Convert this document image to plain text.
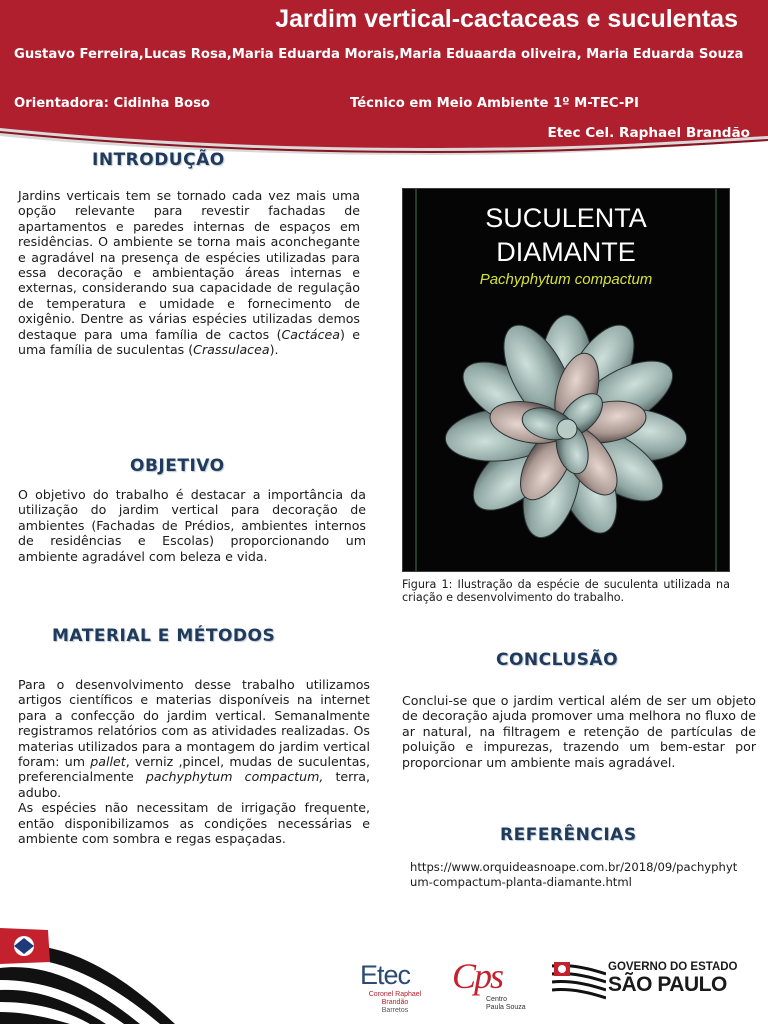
Jardim vertical-cactaceas e suculentas
Gustavo Ferreira,Lucas Rosa,Maria Eduarda Morais,Maria Eduaarda oliveira, Maria Eduarda Souza
Orientadora: Cidinha Boso	Técnico em Meio Ambiente 1º M-TEC-PI
Etec Cel. Raphael Brandão
INTRODUÇÃO
Jardins verticais tem se tornado cada vez mais uma opção relevante para revestir fachadas de apartamentos e paredes internas de espaços em residências. O ambiente se torna mais aconchegante e agradável na presença de espécies utilizadas para essa decoração e ambientação áreas internas e externas, considerando sua capacidade de regulação de temperatura e umidade e fornecimento de oxigênio. Dentre as várias espécies utilizadas demos destaque para uma família de cactos (Cactácea) e uma família de suculentas (Crassulacea).
OBJETIVO
O objetivo do trabalho é destacar a importância da utilização do jardim vertical para decoração de ambientes (Fachadas de Prédios, ambientes internos de residências e Escolas) proporcionando um ambiente agradável com beleza e vida.
MATERIAL E MÉTODOS
Para o desenvolvimento desse trabalho utilizamos artigos científicos e materias disponíveis na internet para a confecção do jardim vertical. Semanalmente registramos relatórios com as atividades realizadas. Os materias utilizados para a montagem do jardim vertical foram: um pallet, verniz ,pincel, mudas de suculentas, preferencialmente pachyphytum compactum, terra, adubo.
As espécies não necessitam de irrigação frequente, então disponibilizamos as condições necessárias e ambiente com sombra e regas espaçadas.
SUCULENTA
DIAMANTE
Pachyphytum compactum
Figura 1: Ilustração da espécie de suculenta utilizada na criação e desenvolvimento do trabalho.
CONCLUSÃO
Conclui-se que o jardim vertical além de ser um objeto de decoração ajuda promover uma melhora no fluxo de ar natural, na filtragem e retenção de partículas de poluição e impurezas, trazendo um bem-estar por proporcionar um ambiente mais agradável.
REFERÊNCIAS
https://www.orquideasnoape.com.br/2018/09/pachyphytum-compactum-planta-diamante.html
Etec
Coronel Raphael
Brandão
Barretos
Cps
Centro
Paula Souza
GOVERNO DO ESTADO
SÃO PAULO
